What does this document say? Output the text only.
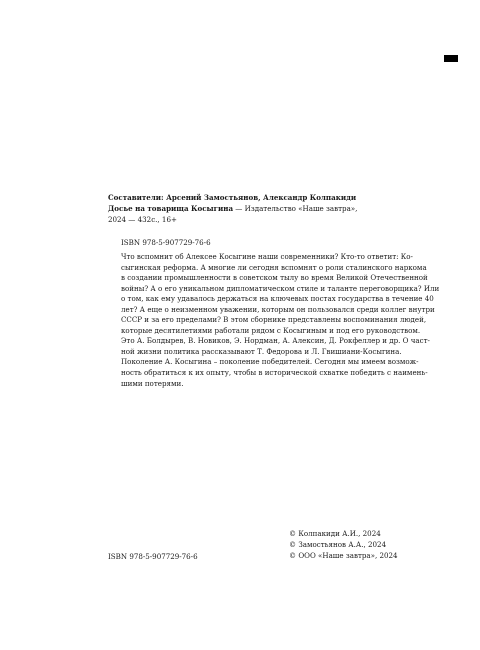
Составители: Арсений Замостьянов, Александр Колпакиди
Досье на товарища Косыгина — Издательство «Наше завтра»,
2024 — 432с., 16+
ISBN 978-5-907729-76-6

Что вспомнит об Алексее Косыгине наши современники? Кто-то ответит: Ко-
сыгинская реформа. А многие ли сегодня вспомнят о роли сталинского наркома
в создании промышленности в советском тылу во время Великой Отечественной
войны? А о его уникальном дипломатическом стиле и таланте переговорщика? Или
о том, как ему удавалось держаться на ключевых постах государства в течение 40
лет? А еще о неизменном уважении, которым он пользовался среди коллег внутри
СССР и за его пределами? В этом сборнике представлены воспоминания людей,
которые десятилетиями работали рядом с Косыгиным и под его руководством.
Это А. Болдырев, В. Новиков, Э. Нордман, А. Алексин, Д. Рокфеллер и др. О част-
ной жизни политика рассказывают Т. Федорова и Л. Гвишиани-Косыгина.

Поколение А. Косыгина – поколение победителей. Сегодня мы имеем возмож-
ность обратиться к их опыту, чтобы в исторической схватке победить с наимень-
шими потерями.

© Колпакиди А.И., 2024
© Замостьянов А.А., 2024
© ООО «Наше завтра», 2024
ISBN 978-5-907729-76-6
